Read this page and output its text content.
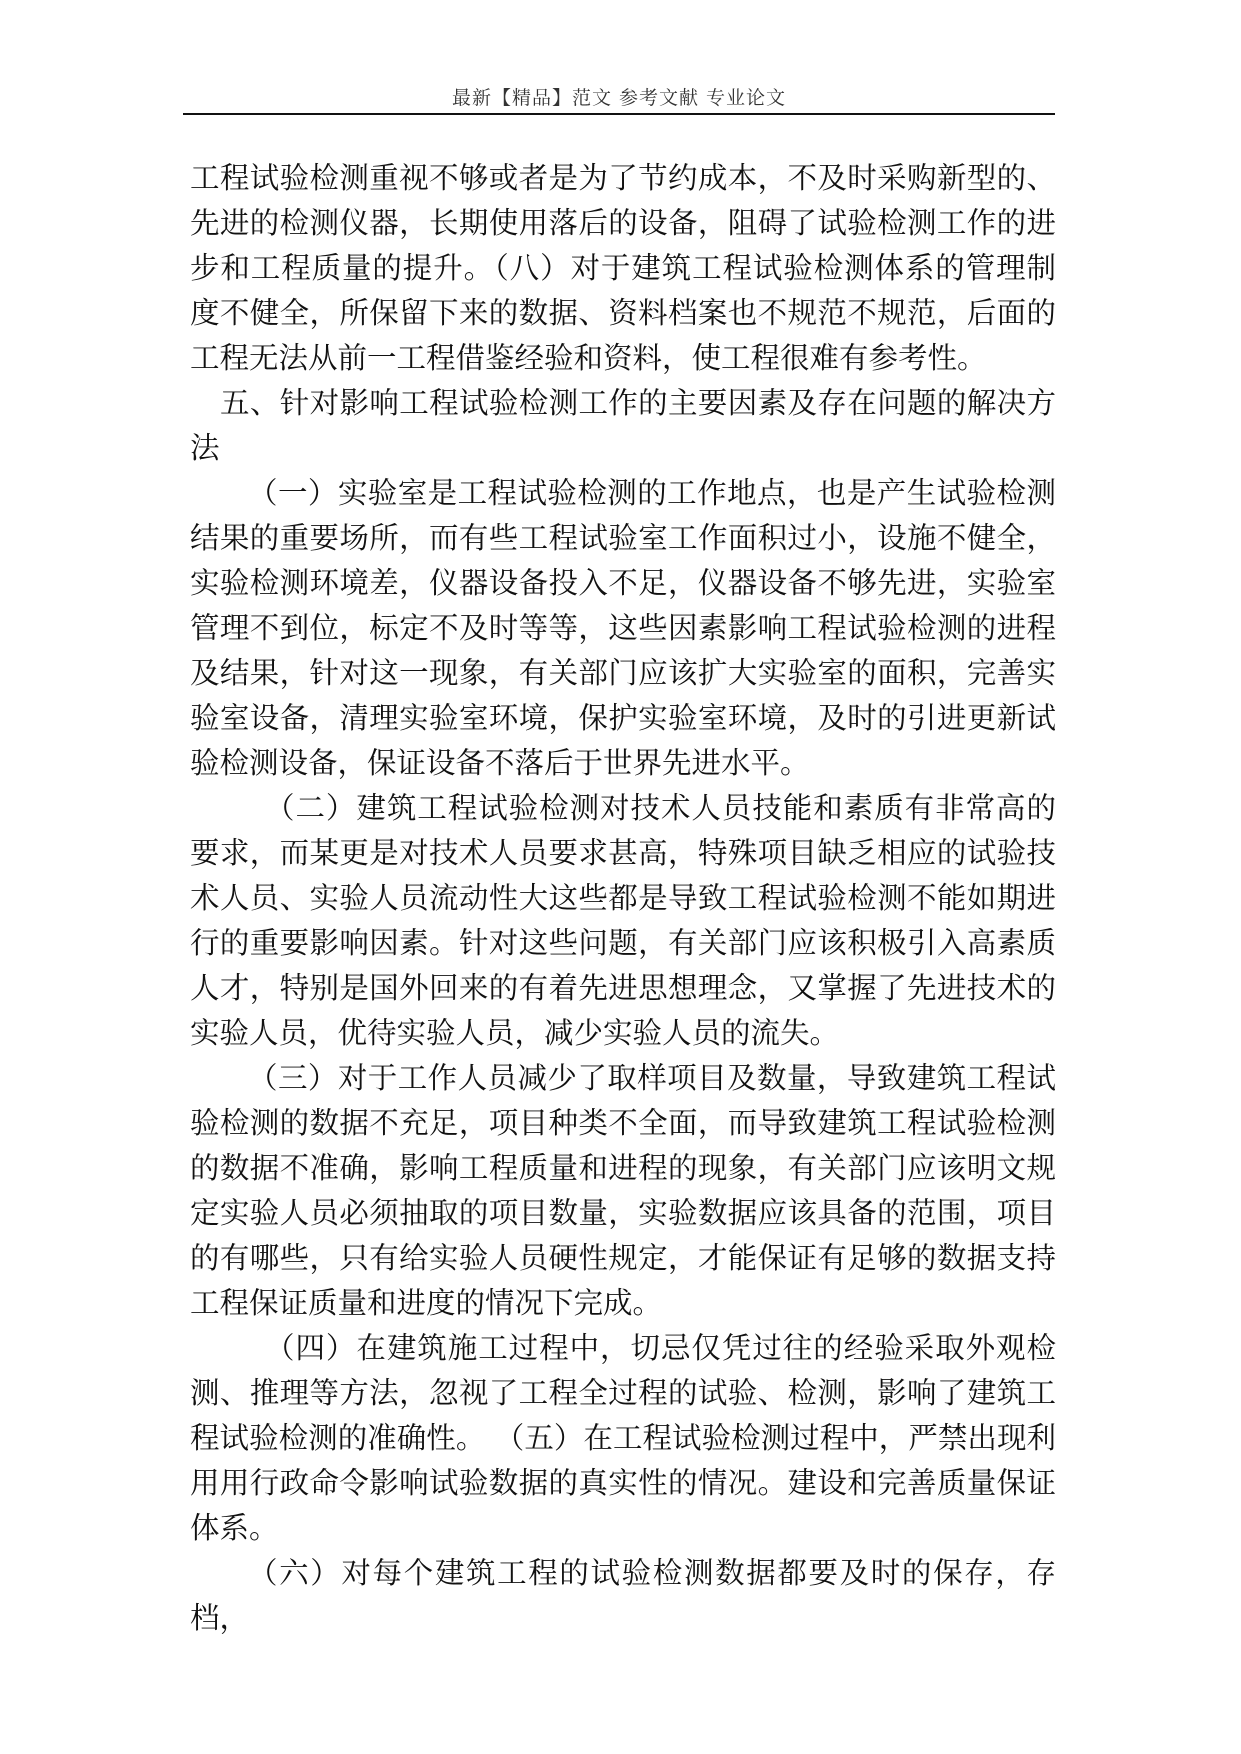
最新【精品】范文 参考文献 专业论文

工程试验检测重视不够或者是为了节约成本，不及时采购新型的、先进的检测仪器，长期使用落后的设备，阻碍了试验检测工作的进步和工程质量的提升。（八）对于建筑工程试验检测体系的管理制度不健全，所保留下来的数据、资料档案也不规范不规范，后面的工程无法从前一工程借鉴经验和资料，使工程很难有参考性。

五、针对影响工程试验检测工作的主要因素及存在问题的解决方法

（一）实验室是工程试验检测的工作地点，也是产生试验检测结果的重要场所，而有些工程试验室工作面积过小，设施不健全，实验检测环境差，仪器设备投入不足，仪器设备不够先进，实验室管理不到位，标定不及时等等，这些因素影响工程试验检测的进程及结果，针对这一现象，有关部门应该扩大实验室的面积，完善实验室设备，清理实验室环境，保护实验室环境，及时的引进更新试验检测设备，保证设备不落后于世界先进水平。

（二）建筑工程试验检测对技术人员技能和素质有非常高的要求，而某更是对技术人员要求甚高，特殊项目缺乏相应的试验技术人员、实验人员流动性大这些都是导致工程试验检测不能如期进行的重要影响因素。针对这些问题，有关部门应该积极引入高素质人才，特别是国外回来的有着先进思想理念，又掌握了先进技术的实验人员，优待实验人员，减少实验人员的流失。

（三）对于工作人员减少了取样项目及数量，导致建筑工程试验检测的数据不充足，项目种类不全面，而导致建筑工程试验检测的数据不准确，影响工程质量和进程的现象，有关部门应该明文规定实验人员必须抽取的项目数量，实验数据应该具备的范围，项目的有哪些，只有给实验人员硬性规定，才能保证有足够的数据支持工程保证质量和进度的情况下完成。

（四）在建筑施工过程中，切忌仅凭过往的经验采取外观检测、推理等方法，忽视了工程全过程的试验、检测，影响了建筑工程试验检测的准确性。 （五）在工程试验检测过程中，严禁出现利用用行政命令影响试验数据的真实性的情况。建设和完善质量保证体系。

（六）对每个建筑工程的试验检测数据都要及时的保存，存档，
